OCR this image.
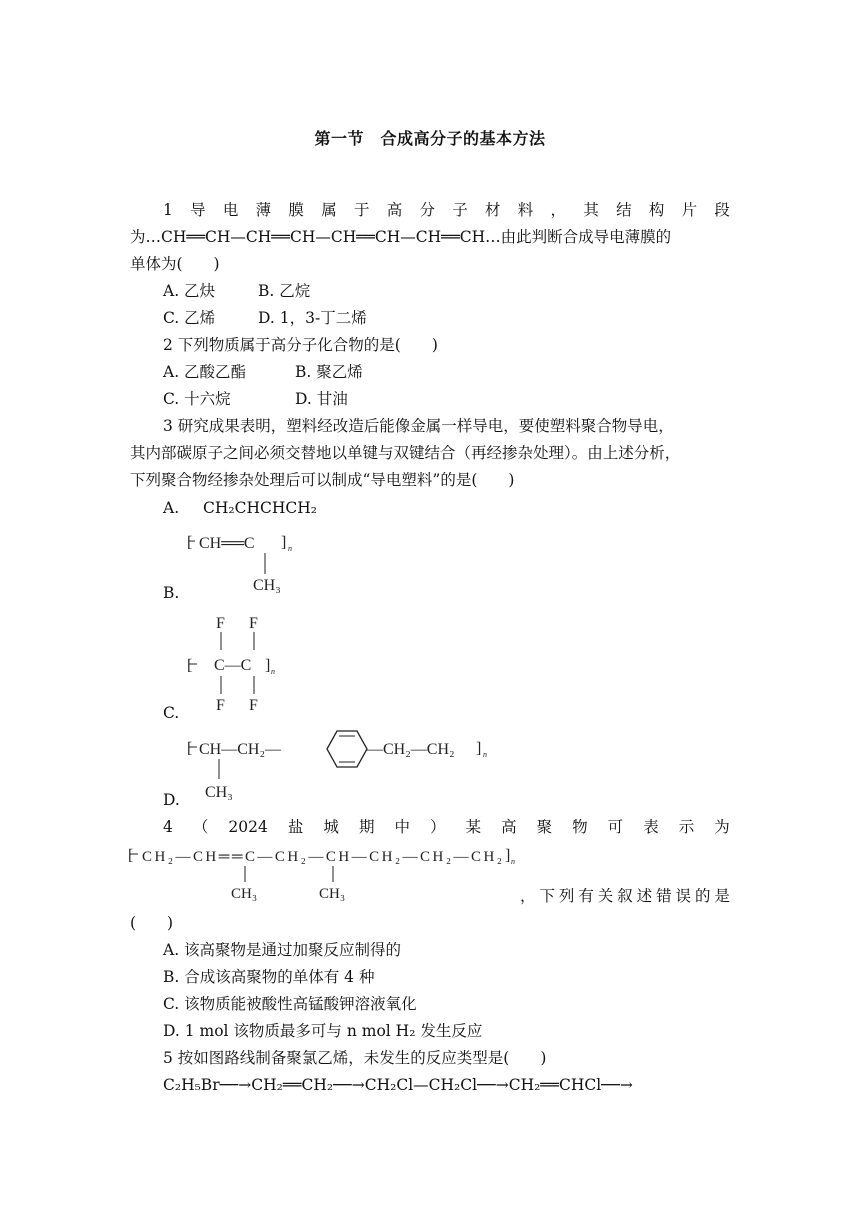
第一节　合成高分子的基本方法
1 导 电 薄 膜 属 于 高 分 子 材 料 ， 其 结 构 片 段
为…CH══CH—CH══CH—CH══CH—CH══CH…由此判断合成导电薄膜的
单体为(　　)
A. 乙炔	B. 乙烷
C. 乙烯	D. 1，3-丁二烯
2 下列物质属于高分子化合物的是(　　)
A. 乙酸乙酯	B. 聚乙烯
C. 十六烷	D. 甘油
3 研究成果表明，塑料经改造后能像金属一样导电，要使塑料聚合物导电，
其内部碳原子之间必须交替地以单键与双键结合（再经掺杂处理）。由上述分析，
下列聚合物经掺杂处理后可以制成“导电塑料”的是(　　)
A. CH₂CHCHCH₂
[ CH══C ] n
CH₃
B.
F F
[ C—C ] n
F F
C.
[ CH—CH₂—	—CH₂—CH₂ ] n
CH₃
D.
4 （ 2024 盐 城 期 中 ） 某 高 聚 物 可 表 示 为
[ CH₂—CH══C—CH₂—CH—CH₂—CH₂—CH₂ ] n
CH₃	CH₃	， 下 列 有 关 叙 述 错 误 的 是
(　　)
A. 该高聚物是通过加聚反应制得的
B. 合成该高聚物的单体有 4 种
C. 该物质能被酸性高锰酸钾溶液氧化
D. 1 mol 该物质最多可与 n mol H₂ 发生反应
5 按如图路线制备聚氯乙烯，未发生的反应类型是(　　)
C₂H₅Br──→CH₂══CH₂──→CH₂Cl—CH₂Cl──→CH₂══CHCl──→
